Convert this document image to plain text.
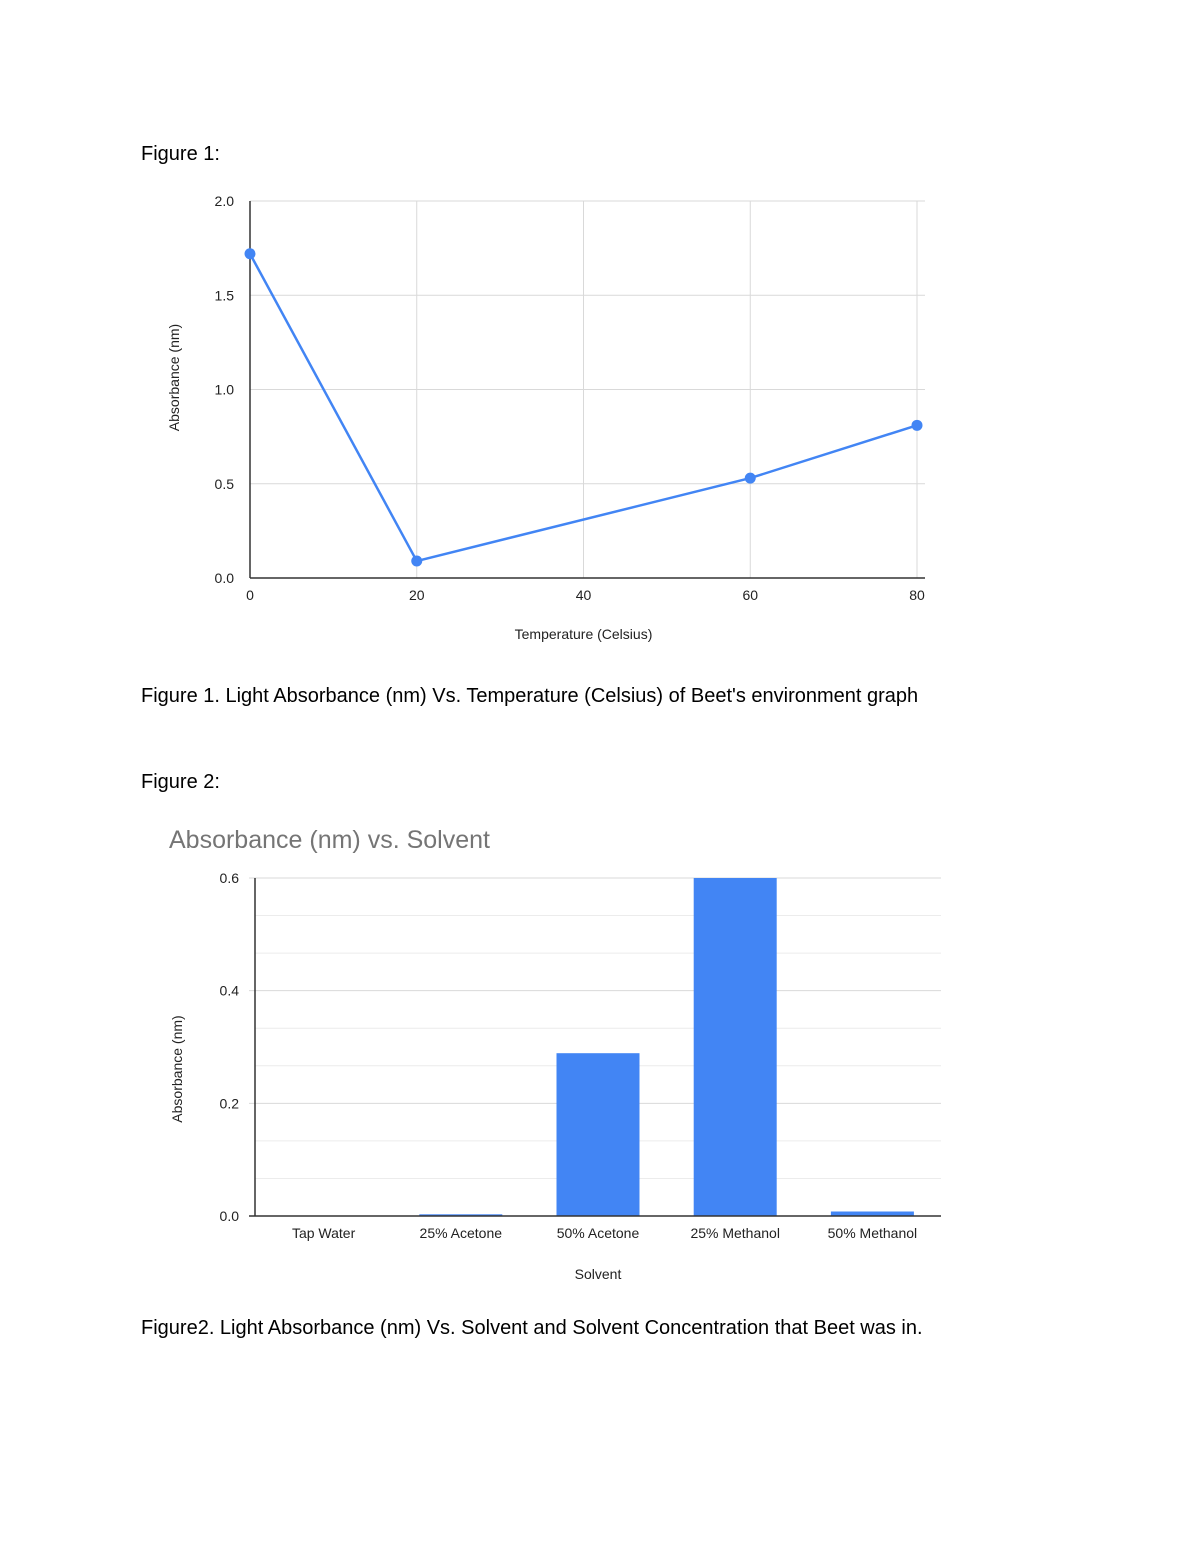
Figure 1:
0	20	40	60	80
0.0
0.5
1.0
1.5
2.0
Temperature (Celsius)
Absorbance (nm)
Figure 1. Light Absorbance (nm) Vs. Temperature (Celsius) of Beet's environment graph
Figure 2:
Absorbance (nm) vs. Solvent
0.0
0.2
0.4
0.6
Tap Water	25% Acetone	50% Acetone	25% Methanol	50% Methanol
Solvent
Absorbance (nm)
Figure2. Light Absorbance (nm) Vs. Solvent and Solvent Concentration that Beet was in.
